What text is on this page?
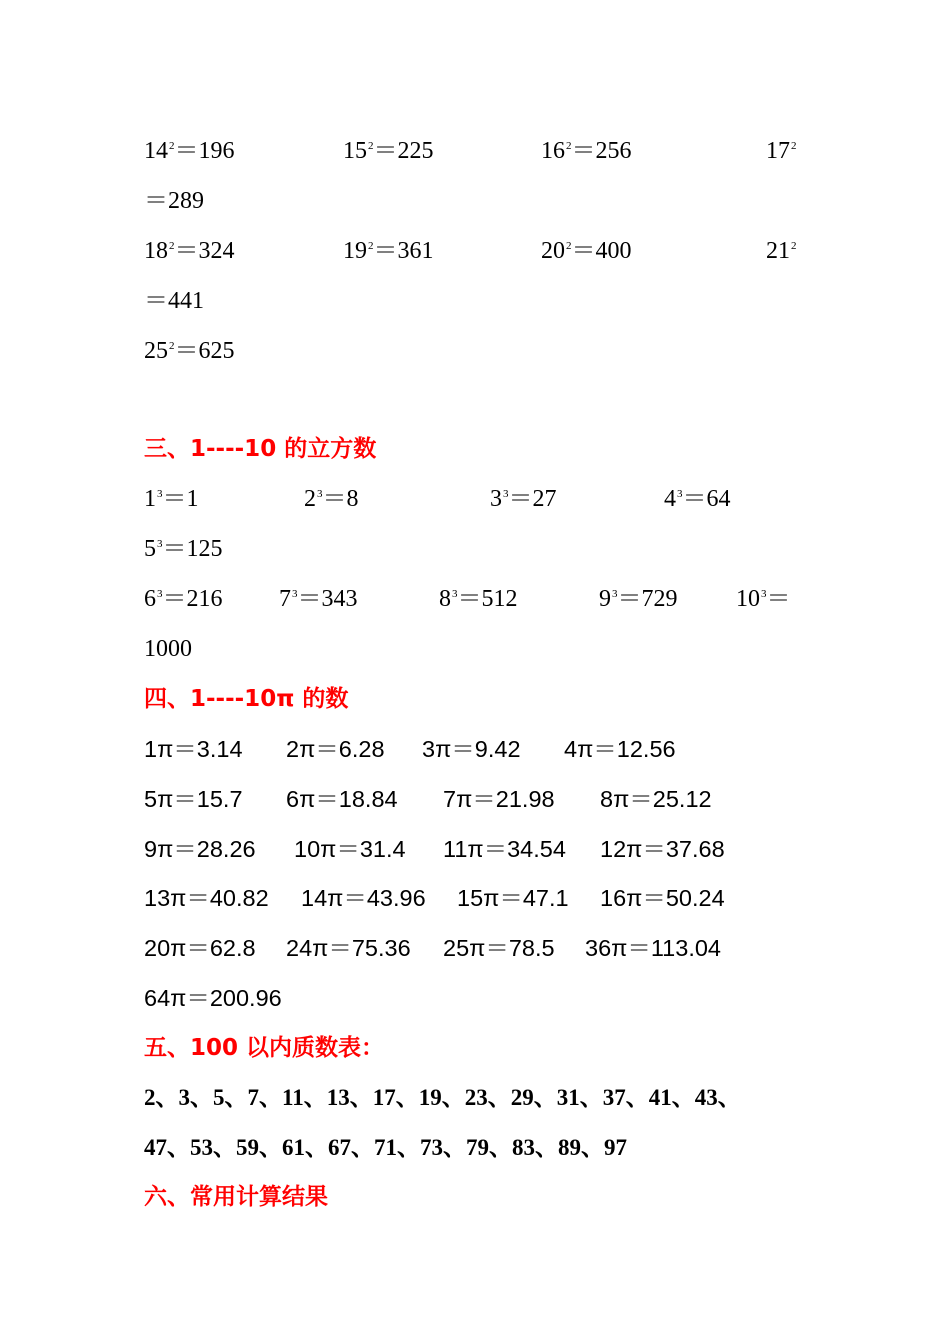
$14^2=196$	$15^2=225$	$16^2=256$	$17^2$
＝289
$18^2=324$	$19^2=361$	$20^2=400$	$21^2$
＝441
$25^2=625$
三、1----10 的立方数
$1^3=1$	$2^3=8$	$3^3=27$	$4^3=64$
$5^3=125$
$6^3=216$ $7^3=343$	$8^3=512$	$9^3=729$ $10^3=$
1000
四、1----10π 的数
1π＝3.14 2π＝6.28 3π＝9.42 4π＝12.56
5π＝15.7 6π＝18.84 7π＝21.98 8π＝25.12
9π＝28.26 10π＝31.4 11π＝34.54 12π＝37.68
13π＝40.82 14π＝43.96 15π＝47.1 16π＝50.24
20π＝62.8 24π＝75.36 25π＝78.5 36π＝113.04
64π＝200.96
五、100 以内质数表：
2、3、5、7、11、13、17、19、23、29、31、37、41、43、
47、53、59、61、67、71、73、79、83、89、97
六、常用计算结果
